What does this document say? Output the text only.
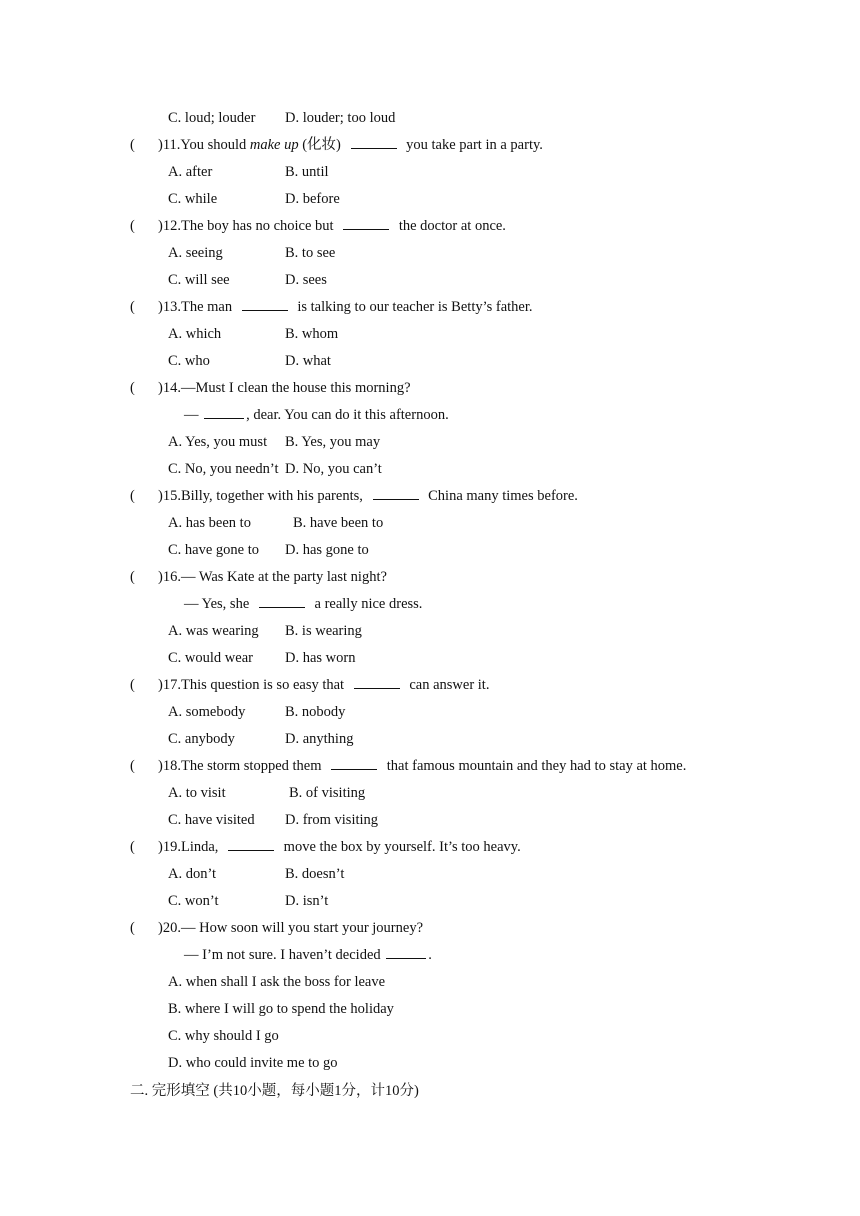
C. loud; louder D. louder; too loud
( )11.You should make up (化妆)	you take part in a party.
A. after	B. until
C. while	D. before
( )12.The boy has no choice but	the doctor at once.
A. seeing	B. to see
C. will see	D. sees
( )13.The man	is talking to our teacher is Betty’s father.
A. which	B. whom
C. who	D. what
( )14.—Must I clean the house this morning?
—	, dear. You can do it this afternoon.
A. Yes, you must B. Yes, you may
C. No, you needn’t D. No, you can’t
( )15.Billy, together with his parents,	China many times before.
A. has been to	B. have been to
C. have gone to D. has gone to
( )16.— Was Kate at the party last night?
— Yes, she	a really nice dress.
A. was wearing B. is wearing
C. would wear D. has worn
( )17.This question is so easy that	can answer it.
A. somebody	B. nobody
C. anybody	D. anything
( )18.The storm stopped them	that famous mountain and they had to stay at home.
A. to visit	B. of visiting
C. have visited D. from visiting
( )19.Linda,	move the box by yourself. It’s too heavy.
A. don’t	B. doesn’t
C. won’t	D. isn’t
( )20.— How soon will you start your journey?
— I’m not sure. I haven’t decided	.
A. when shall I ask the boss for leave
B. where I will go to spend the holiday
C. why should I go
D. who could invite me to go
二. 完形填空 (共10小题，每小题1分，计10分)
